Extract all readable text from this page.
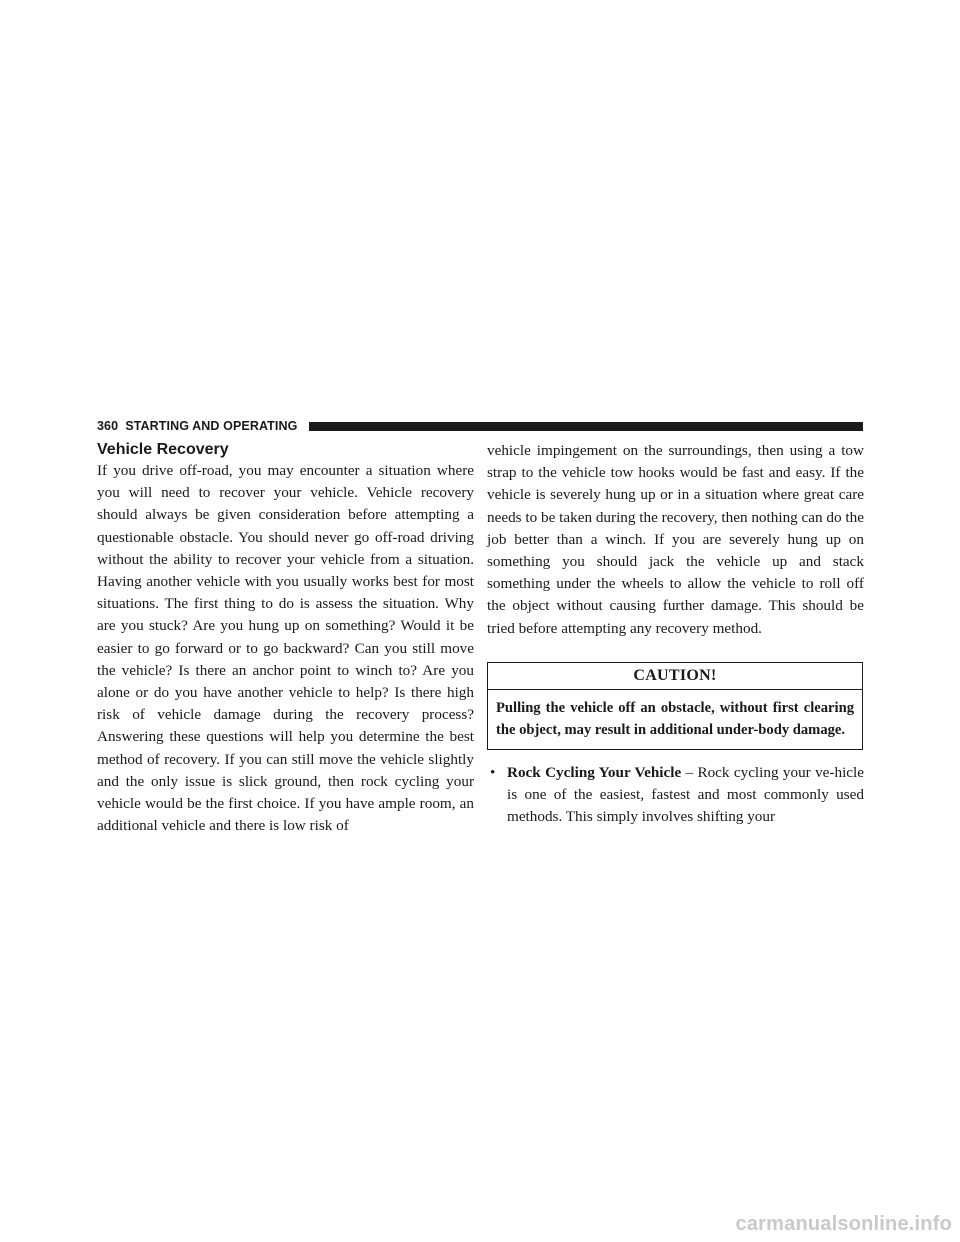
360 STARTING AND OPERATING
Vehicle Recovery

If you drive off-road, you may encounter a situation where you will need to recover your vehicle. Vehicle recovery should always be given consideration before attempting a questionable obstacle. You should never go off-road driving without the ability to recover your vehicle from a situation. Having another vehicle with you usually works best for most situations. The first thing to do is assess the situation. Why are you stuck? Are you hung up on something? Would it be easier to go forward or to go backward? Can you still move the vehicle? Is there an anchor point to winch to? Are you alone or do you have another vehicle to help? Is there high risk of vehicle damage during the recovery process? Answering these questions will help you determine the best method of recovery. If you can still move the vehicle slightly and the only issue is slick ground, then rock cycling your vehicle would be the first choice. If you have ample room, an additional vehicle and there is low risk of

vehicle impingement on the surroundings, then using a tow strap to the vehicle tow hooks would be fast and easy. If the vehicle is severely hung up or in a situation where great care needs to be taken during the recovery, then nothing can do the job better than a winch. If you are severely hung up on something you should jack the vehicle up and stack something under the wheels to allow the vehicle to roll off the object without causing further damage. This should be tried before attempting any recovery method.

CAUTION!
Pulling the vehicle off an obstacle, without first clearing the object, may result in additional under-body damage.
• Rock Cycling Your Vehicle – Rock cycling your ve-hicle is one of the easiest, fastest and most commonly used methods. This simply involves shifting your
carmanualsonline.info
